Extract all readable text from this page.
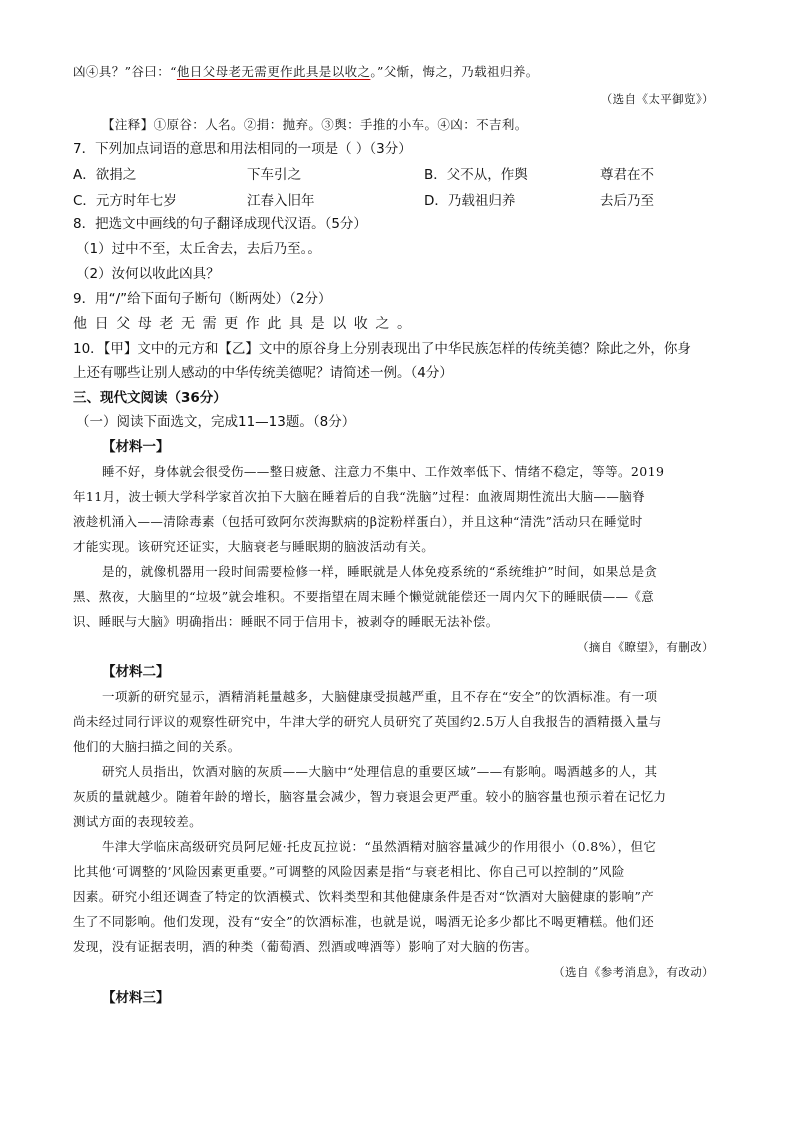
凶④具？”谷曰：“他日父母老无需更作此具是以收之。”父惭，悔之，乃载祖归养。
（选自《太平御览》）
【注释】①原谷：人名。②捐：抛弃。③舆：手推的小车。④凶：不吉利。
7．下列加点词语的意思和用法相同的一项是（ ）（3分）
A．欲捐之	下车引之	B．父不从，作舆	尊君在不
C．元方时年七岁	江春入旧年	D．乃载祖归养	去后乃至
8．把选文中画线的句子翻译成现代汉语。（5分）
（1）过中不至，太丘舍去，去后乃至。。
（2）汝何以收此凶具？
9．用“/”给下面句子断句（断两处）（2分）
他日父母老无需更作此具是以收之。
10．【甲】文中的元方和【乙】文中的原谷身上分别表现出了中华民族怎样的传统美德？除此之外，你身
上还有哪些让别人感动的中华传统美德呢？请简述一例。（4分）
三、现代文阅读（36分）
（一）阅读下面选文，完成11—13题。（8分）
【材料一】
睡不好，身体就会很受伤——整日疲惫、注意力不集中、工作效率低下、情绪不稳定，等等。2019
年11月，波士顿大学科学家首次拍下大脑在睡着后的自我“洗脑”过程：血液周期性流出大脑——脑脊
液趁机涌入——清除毒素（包括可致阿尔茨海默病的β淀粉样蛋白），并且这种“清洗”活动只在睡觉时
才能实现。该研究还证实，大脑衰老与睡眠期的脑波活动有关。
是的，就像机器用一段时间需要检修一样，睡眠就是人体免疫系统的“系统维护”时间，如果总是贪
黑、熬夜，大脑里的“垃圾”就会堆积。不要指望在周末睡个懒觉就能偿还一周内欠下的睡眠债——《意
识、睡眠与大脑》明确指出：睡眠不同于信用卡，被剥夺的睡眠无法补偿。
（摘自《瞭望》，有删改）
【材料二】
一项新的研究显示，酒精消耗量越多，大脑健康受损越严重，且不存在“安全”的饮酒标准。有一项
尚未经过同行评议的观察性研究中，牛津大学的研究人员研究了英国约2.5万人自我报告的酒精摄入量与
他们的大脑扫描之间的关系。
研究人员指出，饮酒对脑的灰质——大脑中“处理信息的重要区域”——有影响。喝酒越多的人，其
灰质的量就越少。随着年龄的增长，脑容量会减少，智力衰退会更严重。较小的脑容量也预示着在记忆力
测试方面的表现较差。
牛津大学临床高级研究员阿尼娅·托皮瓦拉说：“虽然酒精对脑容量减少的作用很小（0.8%），但它
比其他‘可调整的’风险因素更重要。”可调整的风险因素是指“与衰老相比、你自己可以控制的”风险
因素。研究小组还调查了特定的饮酒模式、饮料类型和其他健康条件是否对“饮酒对大脑健康的影响”产
生了不同影响。他们发现，没有“安全”的饮酒标准，也就是说，喝酒无论多少都比不喝更糟糕。他们还
发现，没有证据表明，酒的种类（葡萄酒、烈酒或啤酒等）影响了对大脑的伤害。
（选自《参考消息》，有改动）
【材料三】
